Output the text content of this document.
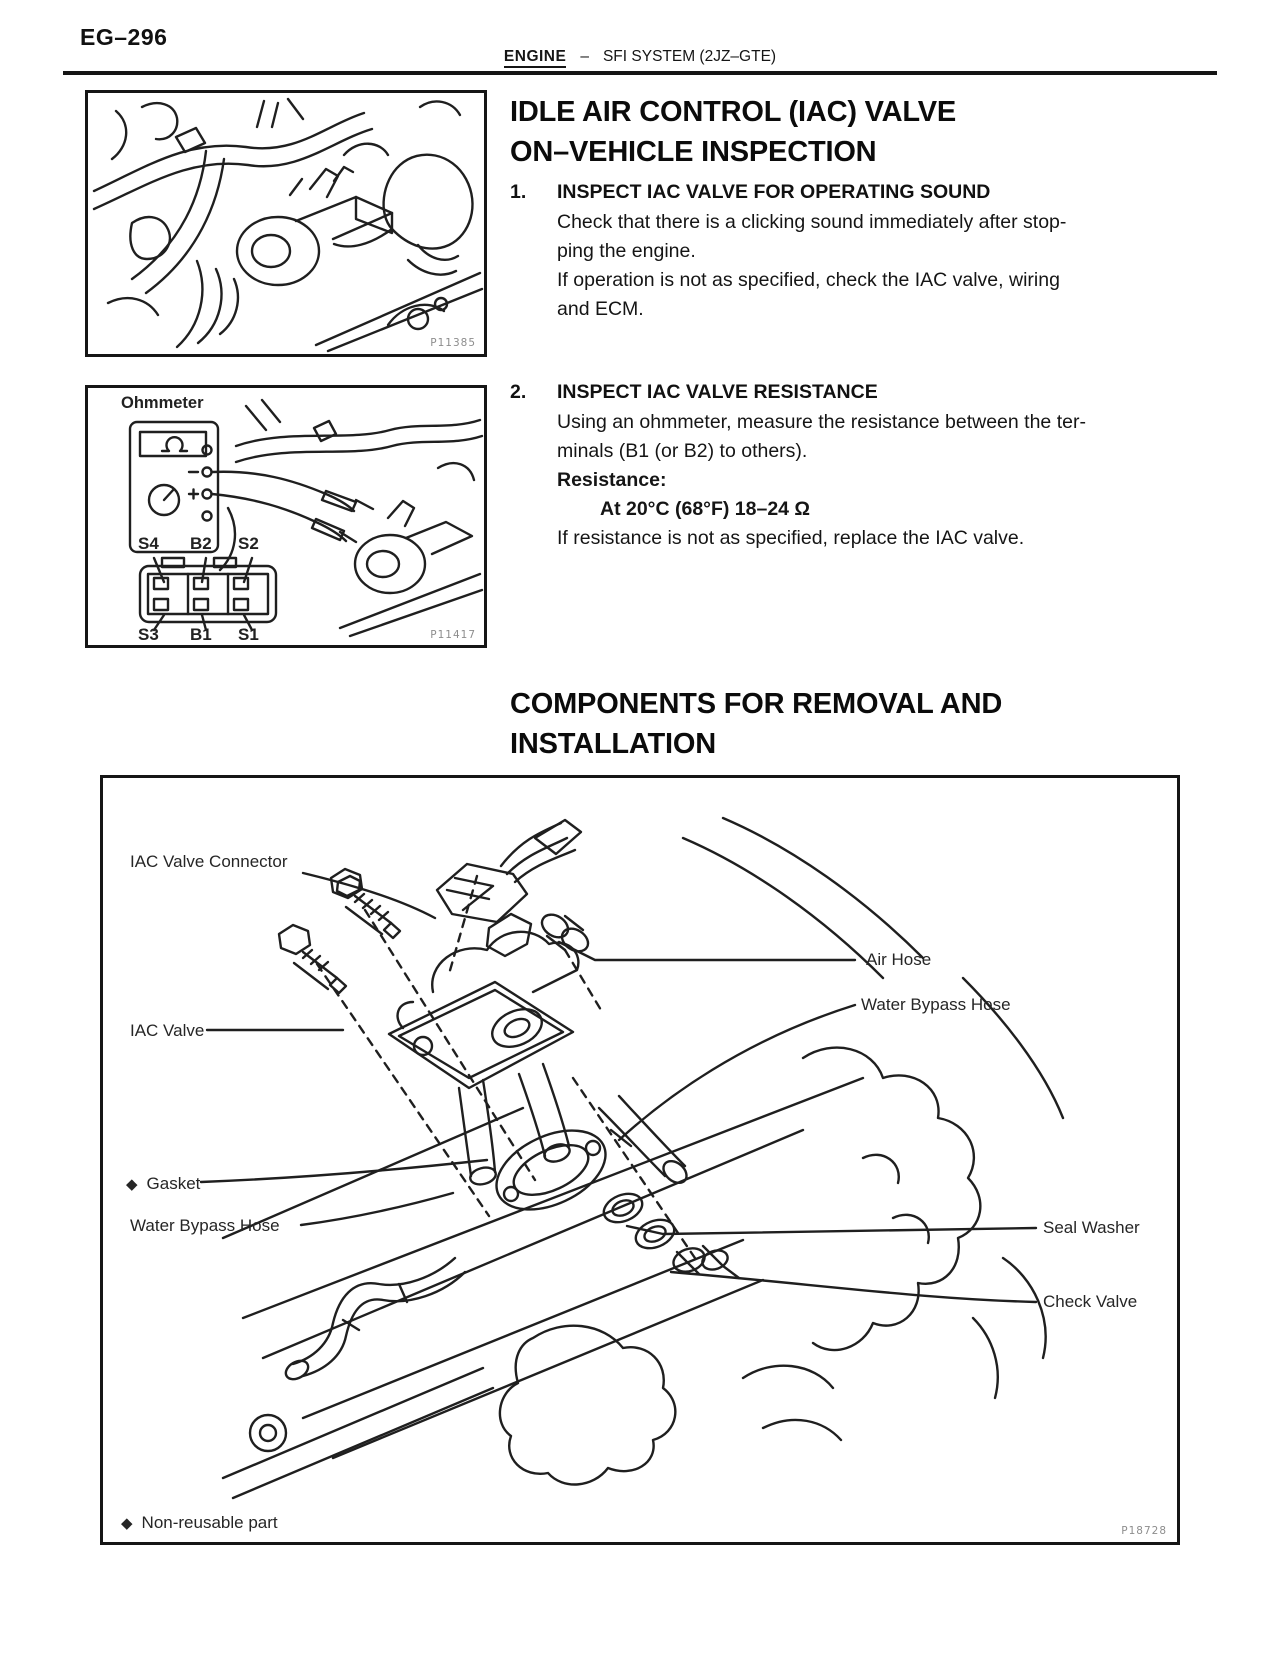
EG–296
ENGINE – SFI SYSTEM (2JZ–GTE)
P11385
Ohmmeter
S4 B2 S2
S3 B1 S1	P11417
IDLE AIR CONTROL (IAC) VALVE
ON–VEHICLE INSPECTION
1. INSPECT IAC VALVE FOR OPERATING SOUND
Check that there is a clicking sound immediately after stop-
ping the engine.
If operation is not as specified, check the IAC valve, wiring
and ECM.
2. INSPECT IAC VALVE RESISTANCE
Using an ohmmeter, measure the resistance between the ter-
minals (B1 (or B2) to others).
Resistance:
At 20°C (68°F) 18–24 Ω
If resistance is not as specified, replace the IAC valve.
COMPONENTS FOR REMOVAL AND
INSTALLATION
IAC Valve Connector
Air Hose
Water Bypass Hose
IAC Valve
◆ Gasket
Water Bypass Hose	Seal Washer
Check Valve
◆ Non-reusable part	P18728
